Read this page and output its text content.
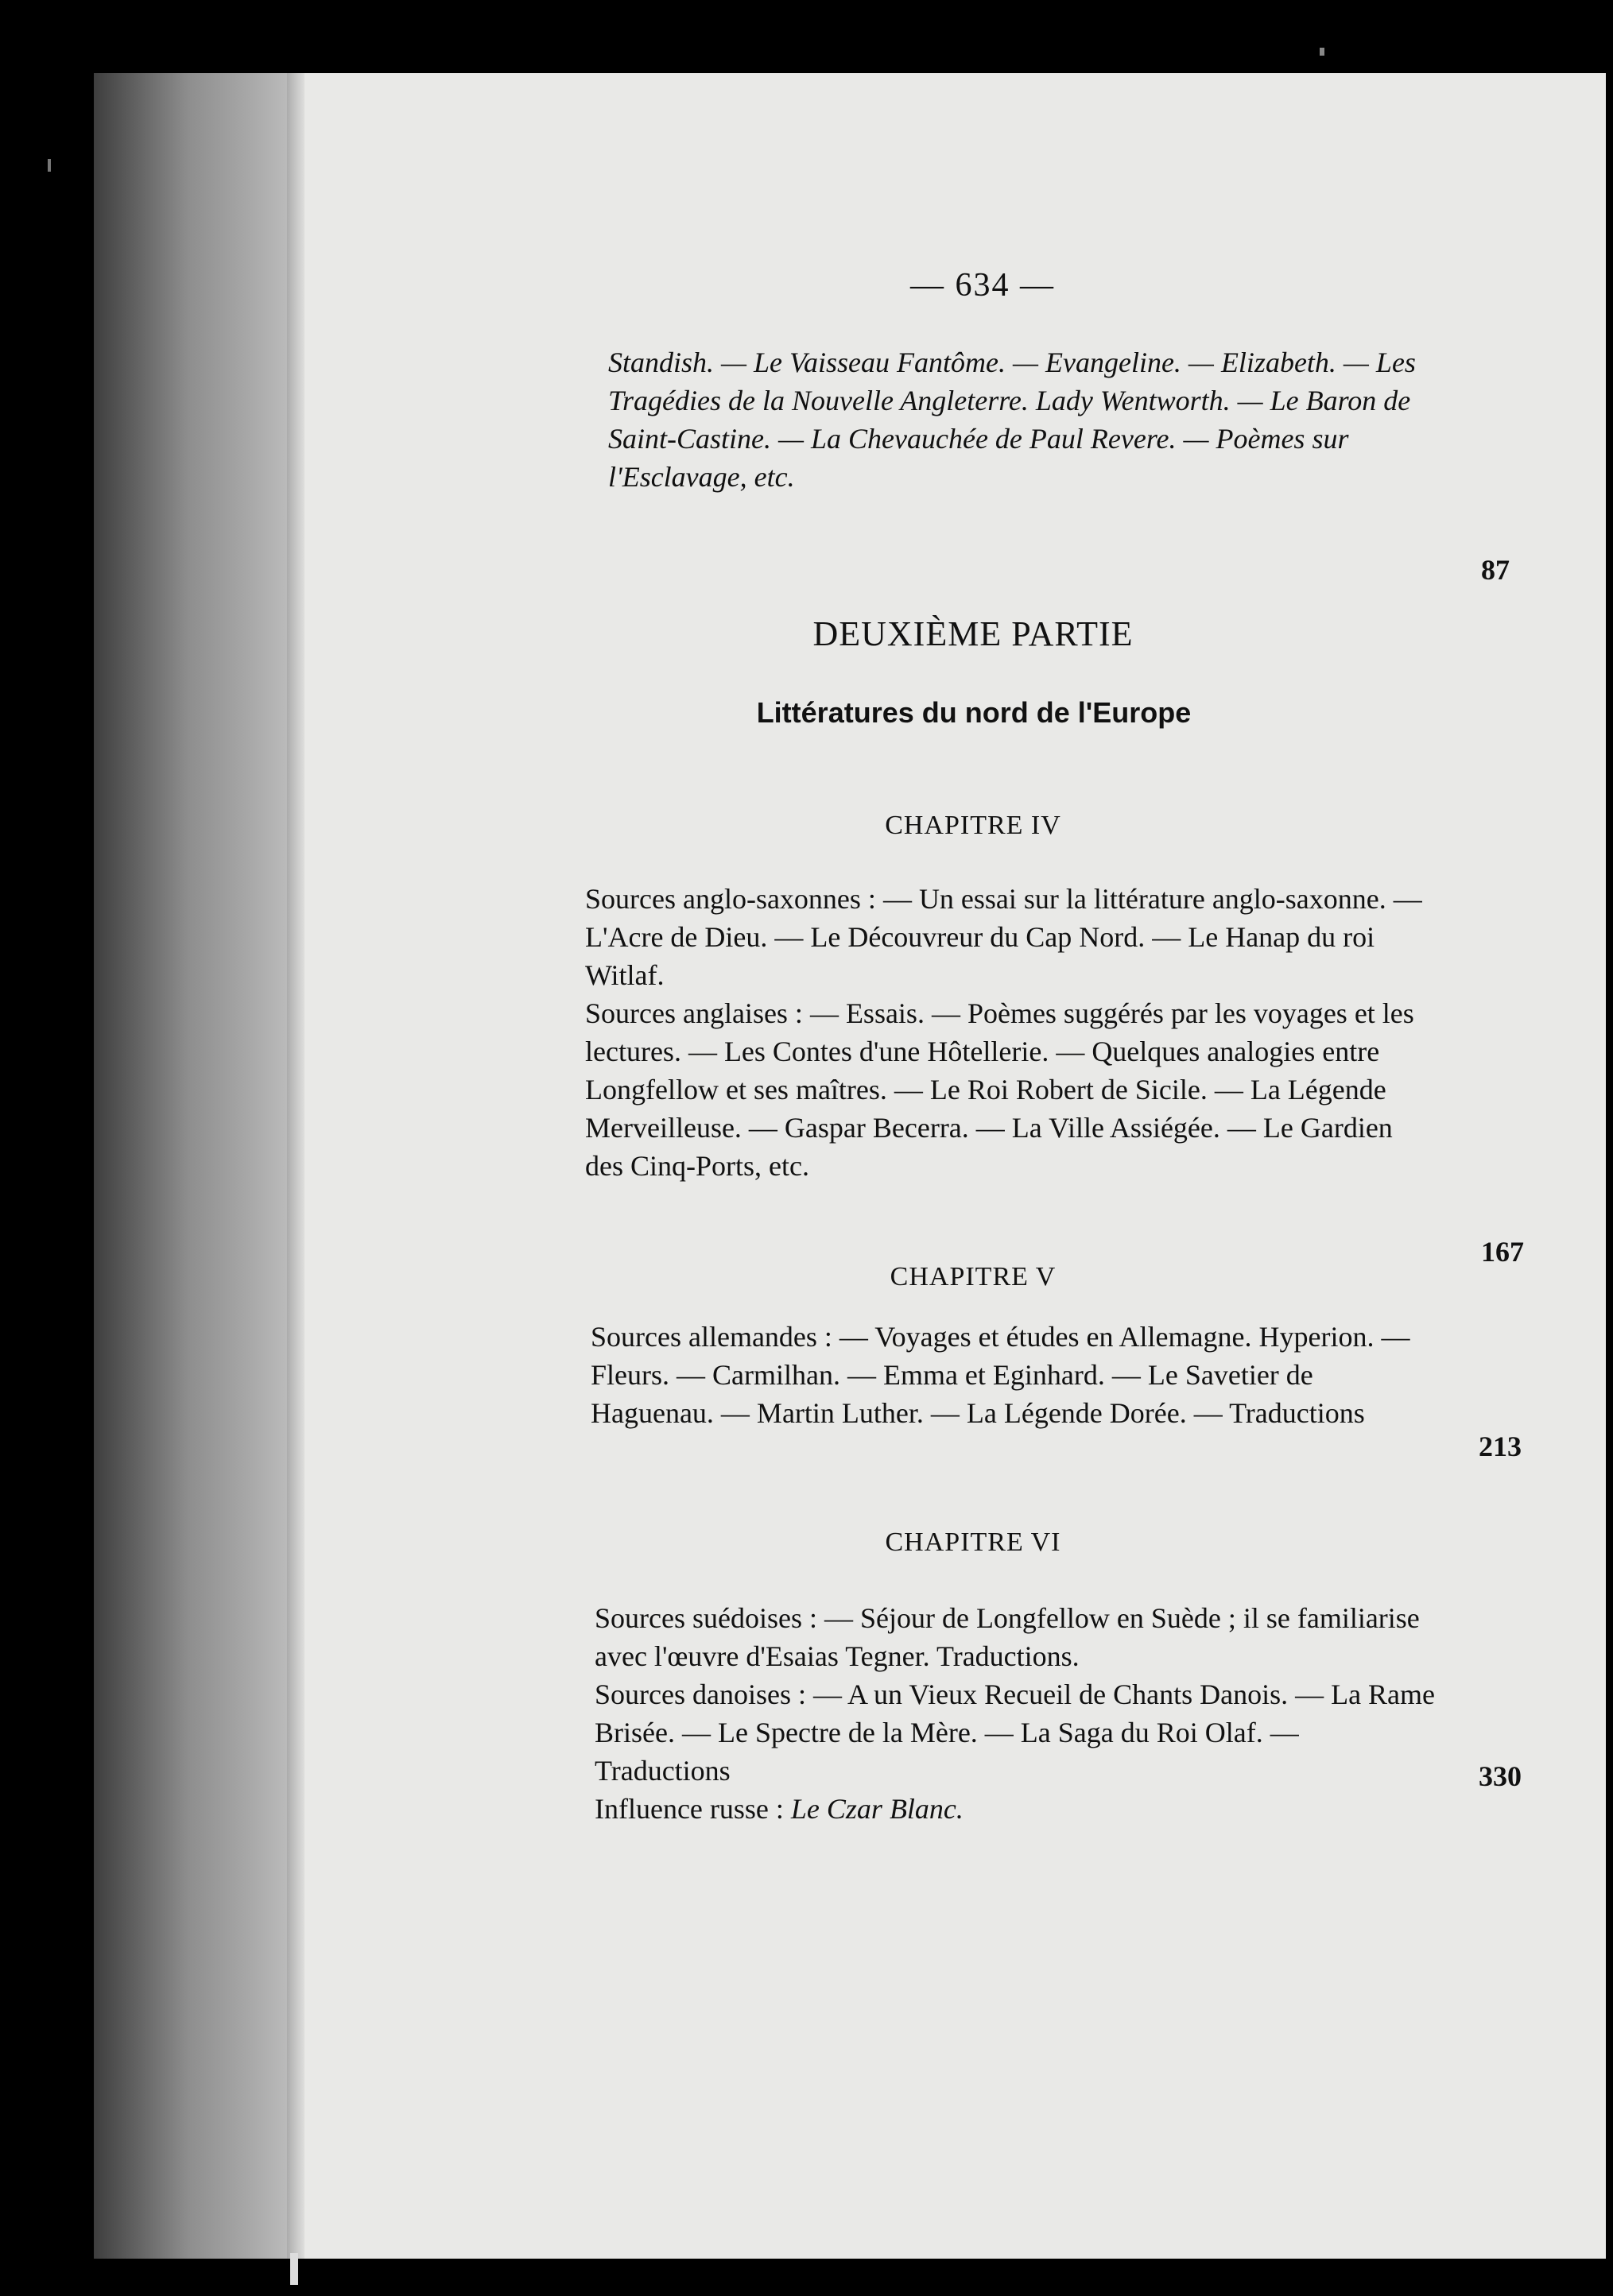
— 634 —
Standish. — Le Vaisseau Fantôme. — Evangeline. — Elizabeth. — Les Tragédies de la Nouvelle Angleterre. Lady Wentworth. — Le Baron de Saint-Castine. — La Chevauchée de Paul Revere. — Poèmes sur l'Esclavage, etc.
87
DEUXIÈME PARTIE
Littératures du nord de l'Europe
CHAPITRE IV
Sources anglo-saxonnes : — Un essai sur la littérature anglo-saxonne. — L'Acre de Dieu. — Le Découvreur du Cap Nord. — Le Hanap du roi Witlaf.
Sources anglaises : — Essais. — Poèmes suggérés par les voyages et les lectures. — Les Contes d'une Hôtellerie. — Quelques analogies entre Longfellow et ses maîtres. — Le Roi Robert de Sicile. — La Légende Merveilleuse. — Gaspar Becerra. — La Ville Assiégée. — Le Gardien des Cinq-Ports, etc.
167
CHAPITRE V
Sources allemandes : — Voyages et études en Allemagne. Hyperion. — Fleurs. — Carmilhan. — Emma et Eginhard. — Le Savetier de Haguenau. — Martin Luther. — La Légende Dorée. — Traductions
213
CHAPITRE VI
Sources suédoises : — Séjour de Longfellow en Suède ; il se familiarise avec l'œuvre d'Esaias Tegner. Traductions.
Sources danoises : — A un Vieux Recueil de Chants Danois. — La Rame Brisée. — Le Spectre de la Mère. — La Saga du Roi Olaf. — Traductions
Influence russe : Le Czar Blanc.
330
